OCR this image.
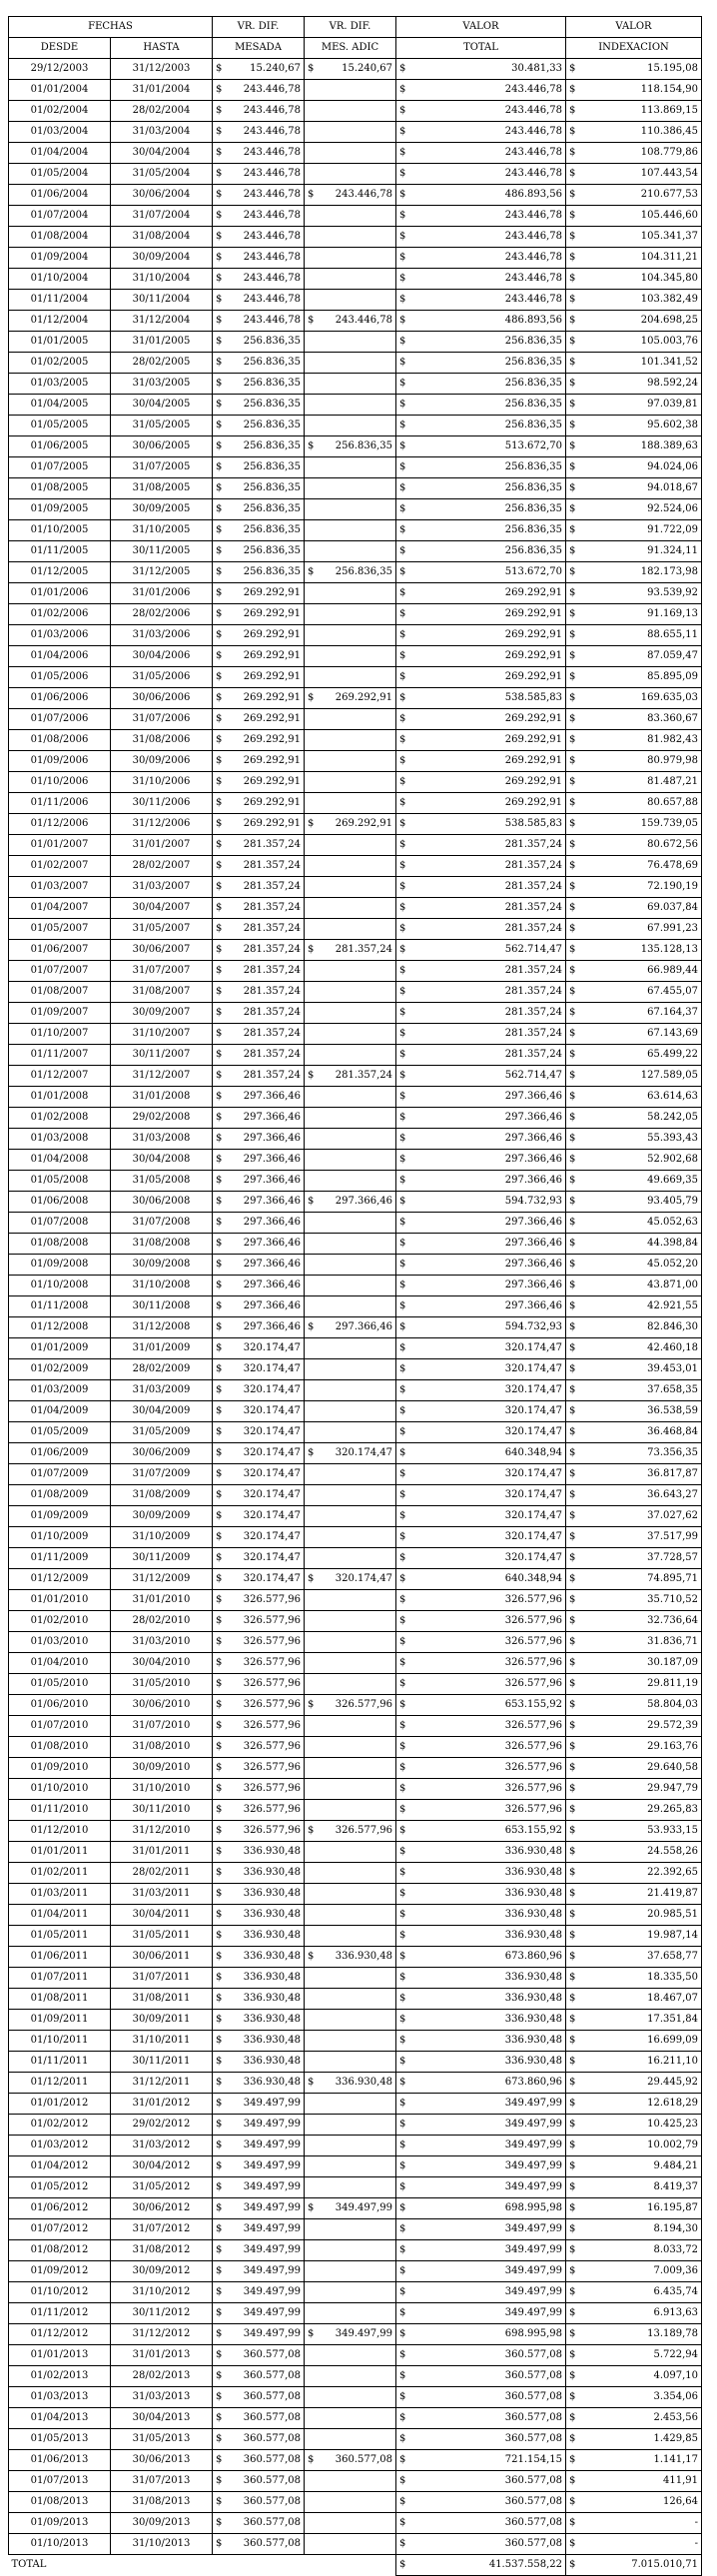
FECHAS		VR. DIF.	VR. DIF.	VALOR	VALOR
DESDE	HASTA	MESADA	MES. ADIC	TOTAL	INDEXACION
29/12/2003	31/12/2003	$ 15.240,67	$ 15.240,67	$ 30.481,33	$ 15.195,08

01/01/2004	31/01/2004	$ 243.446,78		$ 243.446,78	$ 118.154,90

01/02/2004	28/02/2004	$ 243.446,78		$ 243.446,78	$ 113.869,15

01/03/2004	31/03/2004	$ 243.446,78		$ 243.446,78	$ 110.386,45

01/04/2004	30/04/2004	$ 243.446,78		$ 243.446,78	$ 108.779,86

01/05/2004	31/05/2004	$ 243.446,78		$ 243.446,78	$ 107.443,54

01/06/2004	30/06/2004	$ 243.446,78	$ 243.446,78	$ 486.893,56	$ 210.677,53

01/07/2004	31/07/2004	$ 243.446,78		$ 243.446,78	$ 105.446,60

01/08/2004	31/08/2004	$ 243.446,78		$ 243.446,78	$ 105.341,37

01/09/2004	30/09/2004	$ 243.446,78		$ 243.446,78	$ 104.311,21

01/10/2004	31/10/2004	$ 243.446,78		$ 243.446,78	$ 104.345,80

01/11/2004	30/11/2004	$ 243.446,78		$ 243.446,78	$ 103.382,49

01/12/2004	31/12/2004	$ 243.446,78	$ 243.446,78	$ 486.893,56	$ 204.698,25

01/01/2005	31/01/2005	$ 256.836,35		$ 256.836,35	$ 105.003,76

01/02/2005	28/02/2005	$ 256.836,35		$ 256.836,35	$ 101.341,52

01/03/2005	31/03/2005	$ 256.836,35		$ 256.836,35	$ 98.592,24

01/04/2005	30/04/2005	$ 256.836,35		$ 256.836,35	$ 97.039,81

01/05/2005	31/05/2005	$ 256.836,35		$ 256.836,35	$ 95.602,38

01/06/2005	30/06/2005	$ 256.836,35	$ 256.836,35	$ 513.672,70	$ 188.389,63

01/07/2005	31/07/2005	$ 256.836,35		$ 256.836,35	$ 94.024,06

01/08/2005	31/08/2005	$ 256.836,35		$ 256.836,35	$ 94.018,67

01/09/2005	30/09/2005	$ 256.836,35		$ 256.836,35	$ 92.524,06

01/10/2005	31/10/2005	$ 256.836,35		$ 256.836,35	$ 91.722,09

01/11/2005	30/11/2005	$ 256.836,35		$ 256.836,35	$ 91.324,11

01/12/2005	31/12/2005	$ 256.836,35	$ 256.836,35	$ 513.672,70	$ 182.173,98

01/01/2006	31/01/2006	$ 269.292,91		$ 269.292,91	$ 93.539,92

01/02/2006	28/02/2006	$ 269.292,91		$ 269.292,91	$ 91.169,13

01/03/2006	31/03/2006	$ 269.292,91		$ 269.292,91	$ 88.655,11

01/04/2006	30/04/2006	$ 269.292,91		$ 269.292,91	$ 87.059,47

01/05/2006	31/05/2006	$ 269.292,91		$ 269.292,91	$ 85.895,09

01/06/2006	30/06/2006	$ 269.292,91	$ 269.292,91	$ 538.585,83	$ 169.635,03

01/07/2006	31/07/2006	$ 269.292,91		$ 269.292,91	$ 83.360,67

01/08/2006	31/08/2006	$ 269.292,91		$ 269.292,91	$ 81.982,43

01/09/2006	30/09/2006	$ 269.292,91		$ 269.292,91	$ 80.979,98

01/10/2006	31/10/2006	$ 269.292,91		$ 269.292,91	$ 81.487,21

01/11/2006	30/11/2006	$ 269.292,91		$ 269.292,91	$ 80.657,88

01/12/2006	31/12/2006	$ 269.292,91	$ 269.292,91	$ 538.585,83	$ 159.739,05

01/01/2007	31/01/2007	$ 281.357,24		$ 281.357,24	$ 80.672,56

01/02/2007	28/02/2007	$ 281.357,24		$ 281.357,24	$ 76.478,69

01/03/2007	31/03/2007	$ 281.357,24		$ 281.357,24	$ 72.190,19

01/04/2007	30/04/2007	$ 281.357,24		$ 281.357,24	$ 69.037,84

01/05/2007	31/05/2007	$ 281.357,24		$ 281.357,24	$ 67.991,23

01/06/2007	30/06/2007	$ 281.357,24	$ 281.357,24	$ 562.714,47	$ 135.128,13

01/07/2007	31/07/2007	$ 281.357,24		$ 281.357,24	$ 66.989,44

01/08/2007	31/08/2007	$ 281.357,24		$ 281.357,24	$ 67.455,07

01/09/2007	30/09/2007	$ 281.357,24		$ 281.357,24	$ 67.164,37

01/10/2007	31/10/2007	$ 281.357,24		$ 281.357,24	$ 67.143,69

01/11/2007	30/11/2007	$ 281.357,24		$ 281.357,24	$ 65.499,22

01/12/2007	31/12/2007	$ 281.357,24	$ 281.357,24	$ 562.714,47	$ 127.589,05

01/01/2008	31/01/2008	$ 297.366,46		$ 297.366,46	$ 63.614,63

01/02/2008	29/02/2008	$ 297.366,46		$ 297.366,46	$ 58.242,05

01/03/2008	31/03/2008	$ 297.366,46		$ 297.366,46	$ 55.393,43

01/04/2008	30/04/2008	$ 297.366,46		$ 297.366,46	$ 52.902,68

01/05/2008	31/05/2008	$ 297.366,46		$ 297.366,46	$ 49.669,35

01/06/2008	30/06/2008	$ 297.366,46	$ 297.366,46	$ 594.732,93	$ 93.405,79

01/07/2008	31/07/2008	$ 297.366,46		$ 297.366,46	$ 45.052,63

01/08/2008	31/08/2008	$ 297.366,46		$ 297.366,46	$ 44.398,84

01/09/2008	30/09/2008	$ 297.366,46		$ 297.366,46	$ 45.052,20

01/10/2008	31/10/2008	$ 297.366,46		$ 297.366,46	$ 43.871,00

01/11/2008	30/11/2008	$ 297.366,46		$ 297.366,46	$ 42.921,55

01/12/2008	31/12/2008	$ 297.366,46	$ 297.366,46	$ 594.732,93	$ 82.846,30

01/01/2009	31/01/2009	$ 320.174,47		$ 320.174,47	$ 42.460,18

01/02/2009	28/02/2009	$ 320.174,47		$ 320.174,47	$ 39.453,01

01/03/2009	31/03/2009	$ 320.174,47		$ 320.174,47	$ 37.658,35

01/04/2009	30/04/2009	$ 320.174,47		$ 320.174,47	$ 36.538,59

01/05/2009	31/05/2009	$ 320.174,47		$ 320.174,47	$ 36.468,84

01/06/2009	30/06/2009	$ 320.174,47	$ 320.174,47	$ 640.348,94	$ 73.356,35

01/07/2009	31/07/2009	$ 320.174,47		$ 320.174,47	$ 36.817,87

01/08/2009	31/08/2009	$ 320.174,47		$ 320.174,47	$ 36.643,27

01/09/2009	30/09/2009	$ 320.174,47		$ 320.174,47	$ 37.027,62

01/10/2009	31/10/2009	$ 320.174,47		$ 320.174,47	$ 37.517,99

01/11/2009	30/11/2009	$ 320.174,47		$ 320.174,47	$ 37.728,57

01/12/2009	31/12/2009	$ 320.174,47	$ 320.174,47	$ 640.348,94	$ 74.895,71

01/01/2010	31/01/2010	$ 326.577,96		$ 326.577,96	$ 35.710,52

01/02/2010	28/02/2010	$ 326.577,96		$ 326.577,96	$ 32.736,64

01/03/2010	31/03/2010	$ 326.577,96		$ 326.577,96	$ 31.836,71

01/04/2010	30/04/2010	$ 326.577,96		$ 326.577,96	$ 30.187,09

01/05/2010	31/05/2010	$ 326.577,96		$ 326.577,96	$ 29.811,19

01/06/2010	30/06/2010	$ 326.577,96	$ 326.577,96	$ 653.155,92	$ 58.804,03

01/07/2010	31/07/2010	$ 326.577,96		$ 326.577,96	$ 29.572,39

01/08/2010	31/08/2010	$ 326.577,96		$ 326.577,96	$ 29.163,76

01/09/2010	30/09/2010	$ 326.577,96		$ 326.577,96	$ 29.640,58

01/10/2010	31/10/2010	$ 326.577,96		$ 326.577,96	$ 29.947,79

01/11/2010	30/11/2010	$ 326.577,96		$ 326.577,96	$ 29.265,83

01/12/2010	31/12/2010	$ 326.577,96	$ 326.577,96	$ 653.155,92	$ 53.933,15

01/01/2011	31/01/2011	$ 336.930,48		$ 336.930,48	$ 24.558,26

01/02/2011	28/02/2011	$ 336.930,48		$ 336.930,48	$ 22.392,65

01/03/2011	31/03/2011	$ 336.930,48		$ 336.930,48	$ 21.419,87

01/04/2011	30/04/2011	$ 336.930,48		$ 336.930,48	$ 20.985,51

01/05/2011	31/05/2011	$ 336.930,48		$ 336.930,48	$ 19.987,14

01/06/2011	30/06/2011	$ 336.930,48	$ 336.930,48	$ 673.860,96	$ 37.658,77

01/07/2011	31/07/2011	$ 336.930,48		$ 336.930,48	$ 18.335,50

01/08/2011	31/08/2011	$ 336.930,48		$ 336.930,48	$ 18.467,07

01/09/2011	30/09/2011	$ 336.930,48		$ 336.930,48	$ 17.351,84

01/10/2011	31/10/2011	$ 336.930,48		$ 336.930,48	$ 16.699,09

01/11/2011	30/11/2011	$ 336.930,48		$ 336.930,48	$ 16.211,10

01/12/2011	31/12/2011	$ 336.930,48	$ 336.930,48	$ 673.860,96	$ 29.445,92

01/01/2012	31/01/2012	$ 349.497,99		$ 349.497,99	$ 12.618,29

01/02/2012	29/02/2012	$ 349.497,99		$ 349.497,99	$ 10.425,23

01/03/2012	31/03/2012	$ 349.497,99		$ 349.497,99	$ 10.002,79

01/04/2012	30/04/2012	$ 349.497,99		$ 349.497,99	$ 9.484,21

01/05/2012	31/05/2012	$ 349.497,99		$ 349.497,99	$ 8.419,37

01/06/2012	30/06/2012	$ 349.497,99	$ 349.497,99	$ 698.995,98	$ 16.195,87

01/07/2012	31/07/2012	$ 349.497,99		$ 349.497,99	$ 8.194,30

01/08/2012	31/08/2012	$ 349.497,99		$ 349.497,99	$ 8.033,72

01/09/2012	30/09/2012	$ 349.497,99		$ 349.497,99	$ 7.009,36

01/10/2012	31/10/2012	$ 349.497,99		$ 349.497,99	$ 6.435,74

01/11/2012	30/11/2012	$ 349.497,99		$ 349.497,99	$ 6.913,63

01/12/2012	31/12/2012	$ 349.497,99	$ 349.497,99	$ 698.995,98	$ 13.189,78

01/01/2013	31/01/2013	$ 360.577,08		$ 360.577,08	$ 5.722,94

01/02/2013	28/02/2013	$ 360.577,08		$ 360.577,08	$ 4.097,10

01/03/2013	31/03/2013	$ 360.577,08		$ 360.577,08	$ 3.354,06

01/04/2013	30/04/2013	$ 360.577,08		$ 360.577,08	$ 2.453,56

01/05/2013	31/05/2013	$ 360.577,08		$ 360.577,08	$ 1.429,85

01/06/2013	30/06/2013	$ 360.577,08	$ 360.577,08	$ 721.154,15	$ 1.141,17

01/07/2013	31/07/2013	$ 360.577,08		$ 360.577,08	$ 411,91

01/08/2013	31/08/2013	$ 360.577,08		$ 360.577,08	$ 126,64

01/09/2013	30/09/2013	$ 360.577,08		$ 360.577,08	$ -

01/10/2013	31/10/2013	$ 360.577,08		$ 360.577,08	$ -

TOTAL				$ 41.537.558,22	$ 7.015.010,71
